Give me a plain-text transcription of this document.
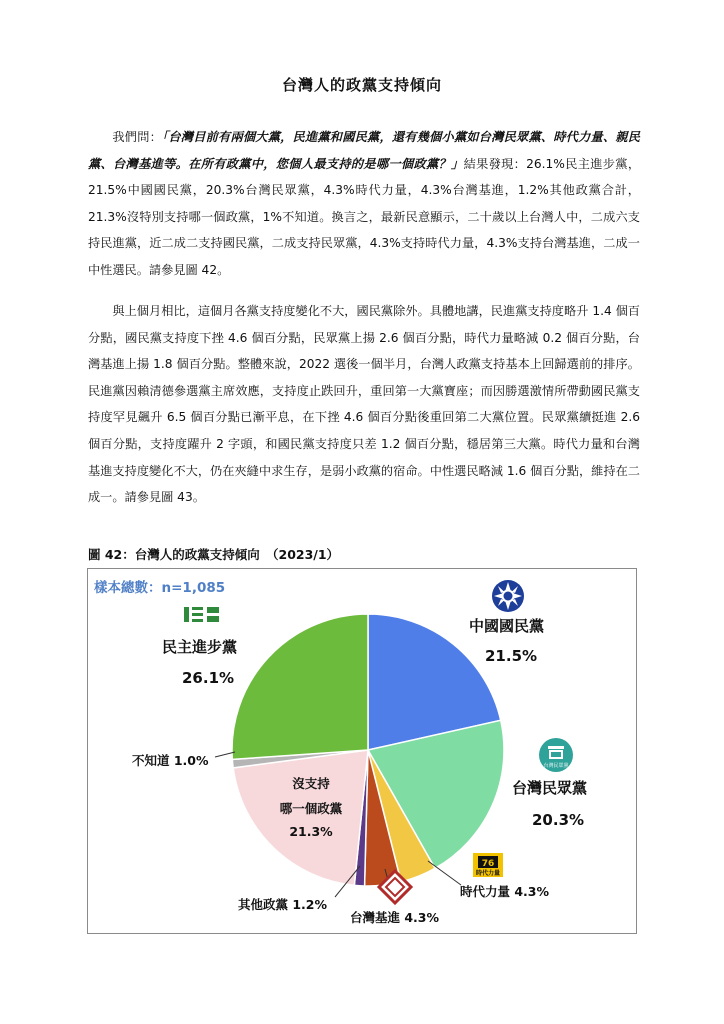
台灣人的政黨支持傾向

我們問：「台灣目前有兩個大黨，民進黨和國民黨，還有幾個小黨如台灣民眾黨、時代力量、親民黨、台灣基進等。在所有政黨中，您個人最支持的是哪一個政黨？」結果發現：26.1%民主進步黨，21.5%中國國民黨，20.3%台灣民眾黨，4.3%時代力量，4.3%台灣基進，1.2%其他政黨合計，21.3%沒特別支持哪一個政黨，1%不知道。換言之，最新民意顯示，二十歲以上台灣人中，二成六支持民進黨，近二成二支持國民黨，二成支持民眾黨，4.3%支持時代力量，4.3%支持台灣基進，二成一中性選民。請參見圖 42。

與上個月相比，這個月各黨支持度變化不大，國民黨除外。具體地講，民進黨支持度略升 1.4 個百分點，國民黨支持度下挫 4.6 個百分點，民眾黨上揚 2.6 個百分點，時代力量略減 0.2 個百分點，台灣基進上揚 1.8 個百分點。整體來說，2022 選後一個半月，台灣人政黨支持基本上回歸選前的排序。民進黨因賴清德參選黨主席效應，支持度止跌回升，重回第一大黨寶座；而因勝選激情所帶動國民黨支持度罕見飆升 6.5 個百分點已漸平息，在下挫 4.6 個百分點後重回第二大黨位置。民眾黨續挺進 2.6 個百分點，支持度躍升 2 字頭，和國民黨支持度只差 1.2 個百分點，穩居第三大黨。時代力量和台灣基進支持度變化不大，仍在夾縫中求生存，是弱小政黨的宿命。中性選民略減 1.6 個百分點，維持在二成一。請參見圖 43。

圖 42：台灣人的政黨支持傾向　（2023/1）
台灣民眾黨
76
時代力量
樣本總數：n=1,085
中國國民黨
21.5%
台灣民眾黨
20.3%
時代力量 4.3%
台灣基進 4.3%
其他政黨 1.2%
不知道 1.0%
沒支持
哪一個政黨
21.3%
民主進步黨
26.1%
